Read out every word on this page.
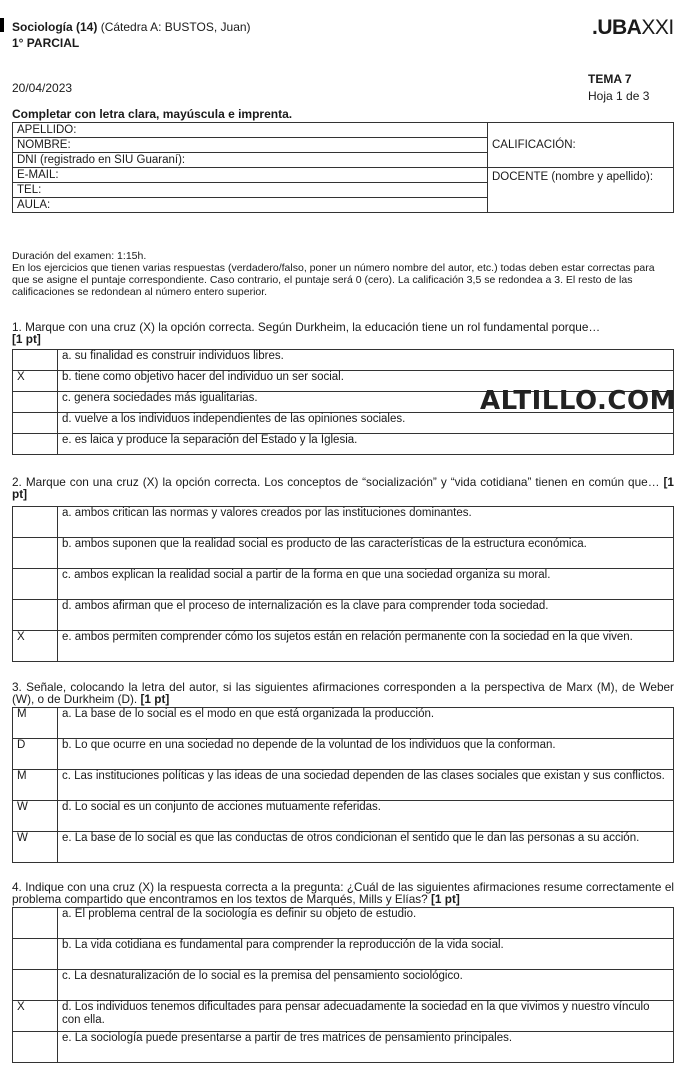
Sociología (14) (Cátedra A: BUSTOS, Juan)
1° PARCIAL
.UBAXXI
20/04/2023
TEMA 7
Hoja 1 de 3
Completar con letra clara, mayúscula e imprenta.
APELLIDO:	CALIFICACIÓN:
NOMBRE:	
DNI (registrado en SIU Guaraní):	
E-MAIL:	DOCENTE (nombre y apellido):
TEL:	
AULA:	
Duración del examen: 1:15h.
En los ejercicios que tienen varias respuestas (verdadero/falso, poner un número nombre del autor, etc.) todas deben estar correctas para que se asigne el puntaje correspondiente. Caso contrario, el puntaje será 0 (cero). La calificación 3,5 se redondea a 3. El resto de las calificaciones se redondean al número entero superior.
1. Marque con una cruz (X) la opción correcta. Según Durkheim, la educación tiene un rol fundamental porque…
[1 pt]
	a. su finalidad es construir individuos libres.
X	b. tiene como objetivo hacer del individuo un ser social.
	c. genera sociedades más igualitarias.
	d. vuelve a los individuos independientes de las opiniones sociales.
	e. es laica y produce la separación del Estado y la Iglesia.
ALTILLO.COM
2. Marque con una cruz (X) la opción correcta. Los conceptos de “socialización” y “vida cotidiana” tienen en común que… [1 pt]
	a. ambos critican las normas y valores creados por las instituciones dominantes.
	b. ambos suponen que la realidad social es producto de las características de la estructura económica.
	c. ambos explican la realidad social a partir de la forma en que una sociedad organiza su moral.
	d. ambos afirman que el proceso de internalización es la clave para comprender toda sociedad.
X	e. ambos permiten comprender cómo los sujetos están en relación permanente con la sociedad en la que viven.
3. Señale, colocando la letra del autor, si las siguientes afirmaciones corresponden a la perspectiva de Marx (M), de Weber (W), o de Durkheim (D). [1 pt]
M	a. La base de lo social es el modo en que está organizada la producción.
D	b. Lo que ocurre en una sociedad no depende de la voluntad de los individuos que la conforman.
M	c. Las instituciones políticas y las ideas de una sociedad dependen de las clases sociales que existan y sus conflictos.
W	d. Lo social es un conjunto de acciones mutuamente referidas.
W	e. La base de lo social es que las conductas de otros condicionan el sentido que le dan las personas a su acción.
4. Indique con una cruz (X) la respuesta correcta a la pregunta: ¿Cuál de las siguientes afirmaciones resume correctamente el problema compartido que encontramos en los textos de Marqués, Mills y Elías? [1 pt]
	a. El problema central de la sociología es definir su objeto de estudio.
	b. La vida cotidiana es fundamental para comprender la reproducción de la vida social.
	c. La desnaturalización de lo social es la premisa del pensamiento sociológico.
X	d. Los individuos tenemos dificultades para pensar adecuadamente la sociedad en la que vivimos y nuestro vínculo con ella.
	e. La sociología puede presentarse a partir de tres matrices de pensamiento principales.
